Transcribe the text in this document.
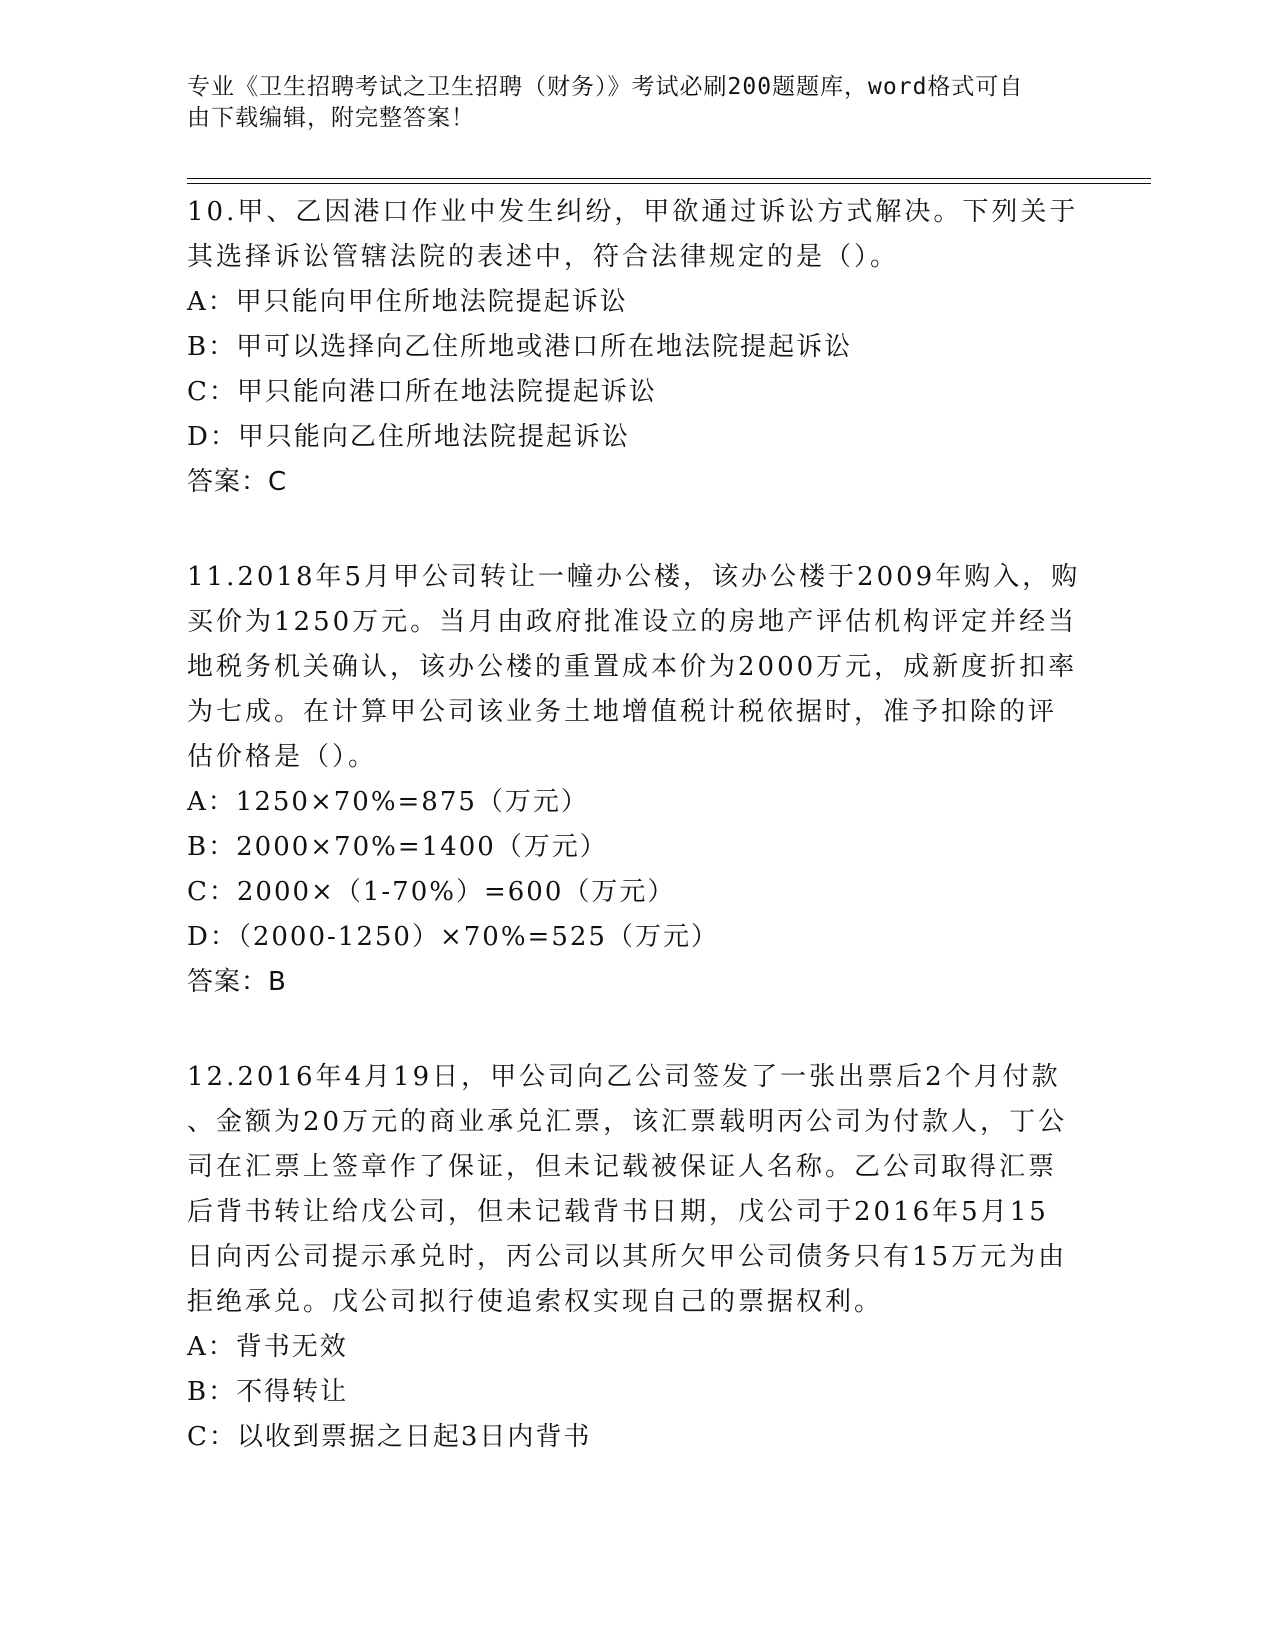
专业《卫生招聘考试之卫生招聘（财务）》考试必刷200题题库，word格式可自
由下载编辑，附完整答案！

10.甲、乙因港口作业中发生纠纷，甲欲通过诉讼方式解决。下列关于

其选择诉讼管辖法院的表述中，符合法律规定的是（）。

A：甲只能向甲住所地法院提起诉讼

B：甲可以选择向乙住所地或港口所在地法院提起诉讼

C：甲只能向港口所在地法院提起诉讼

D：甲只能向乙住所地法院提起诉讼

答案：C

11.2018年5月甲公司转让一幢办公楼，该办公楼于2009年购入，购

买价为1250万元。当月由政府批准设立的房地产评估机构评定并经当

地税务机关确认，该办公楼的重置成本价为2000万元，成新度折扣率

为七成。在计算甲公司该业务土地增值税计税依据时，准予扣除的评

估价格是（）。

A：1250×70%=875（万元）

B：2000×70%=1400（万元）

C：2000×（1-70%）=600（万元）

D：（2000-1250）×70%=525（万元）

答案：B

12.2016年4月19日，甲公司向乙公司签发了一张出票后2个月付款

、金额为20万元的商业承兑汇票，该汇票载明丙公司为付款人，丁公

司在汇票上签章作了保证，但未记载被保证人名称。乙公司取得汇票

后背书转让给戊公司，但未记载背书日期，戊公司于2016年5月15

日向丙公司提示承兑时，丙公司以其所欠甲公司债务只有15万元为由

拒绝承兑。戊公司拟行使追索权实现自己的票据权利。

A：背书无效

B：不得转让

C：以收到票据之日起3日内背书
